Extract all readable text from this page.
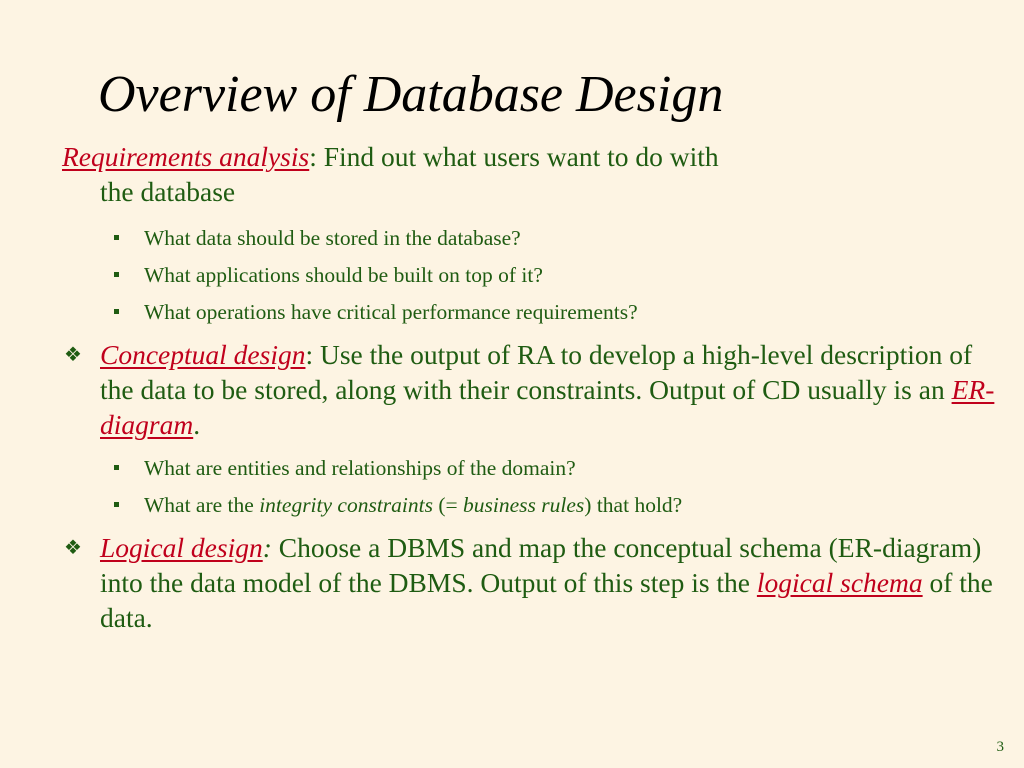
Overview of Database Design
Requirements analysis: Find out what users want to do with
the database
What data should be stored in the database?
What applications should be built on top of it?
What operations have critical performance requirements?
❖ Conceptual design: Use the output of RA to develop a high-level description of the data to be stored, along with their constraints. Output of CD usually is an ER-diagram.
What are entities and relationships of the domain?
What are the integrity constraints (= business rules) that hold?
❖ Logical design: Choose a DBMS and map the conceptual schema (ER-diagram) into the data model of the DBMS. Output of this step is the logical schema of the data.
3
